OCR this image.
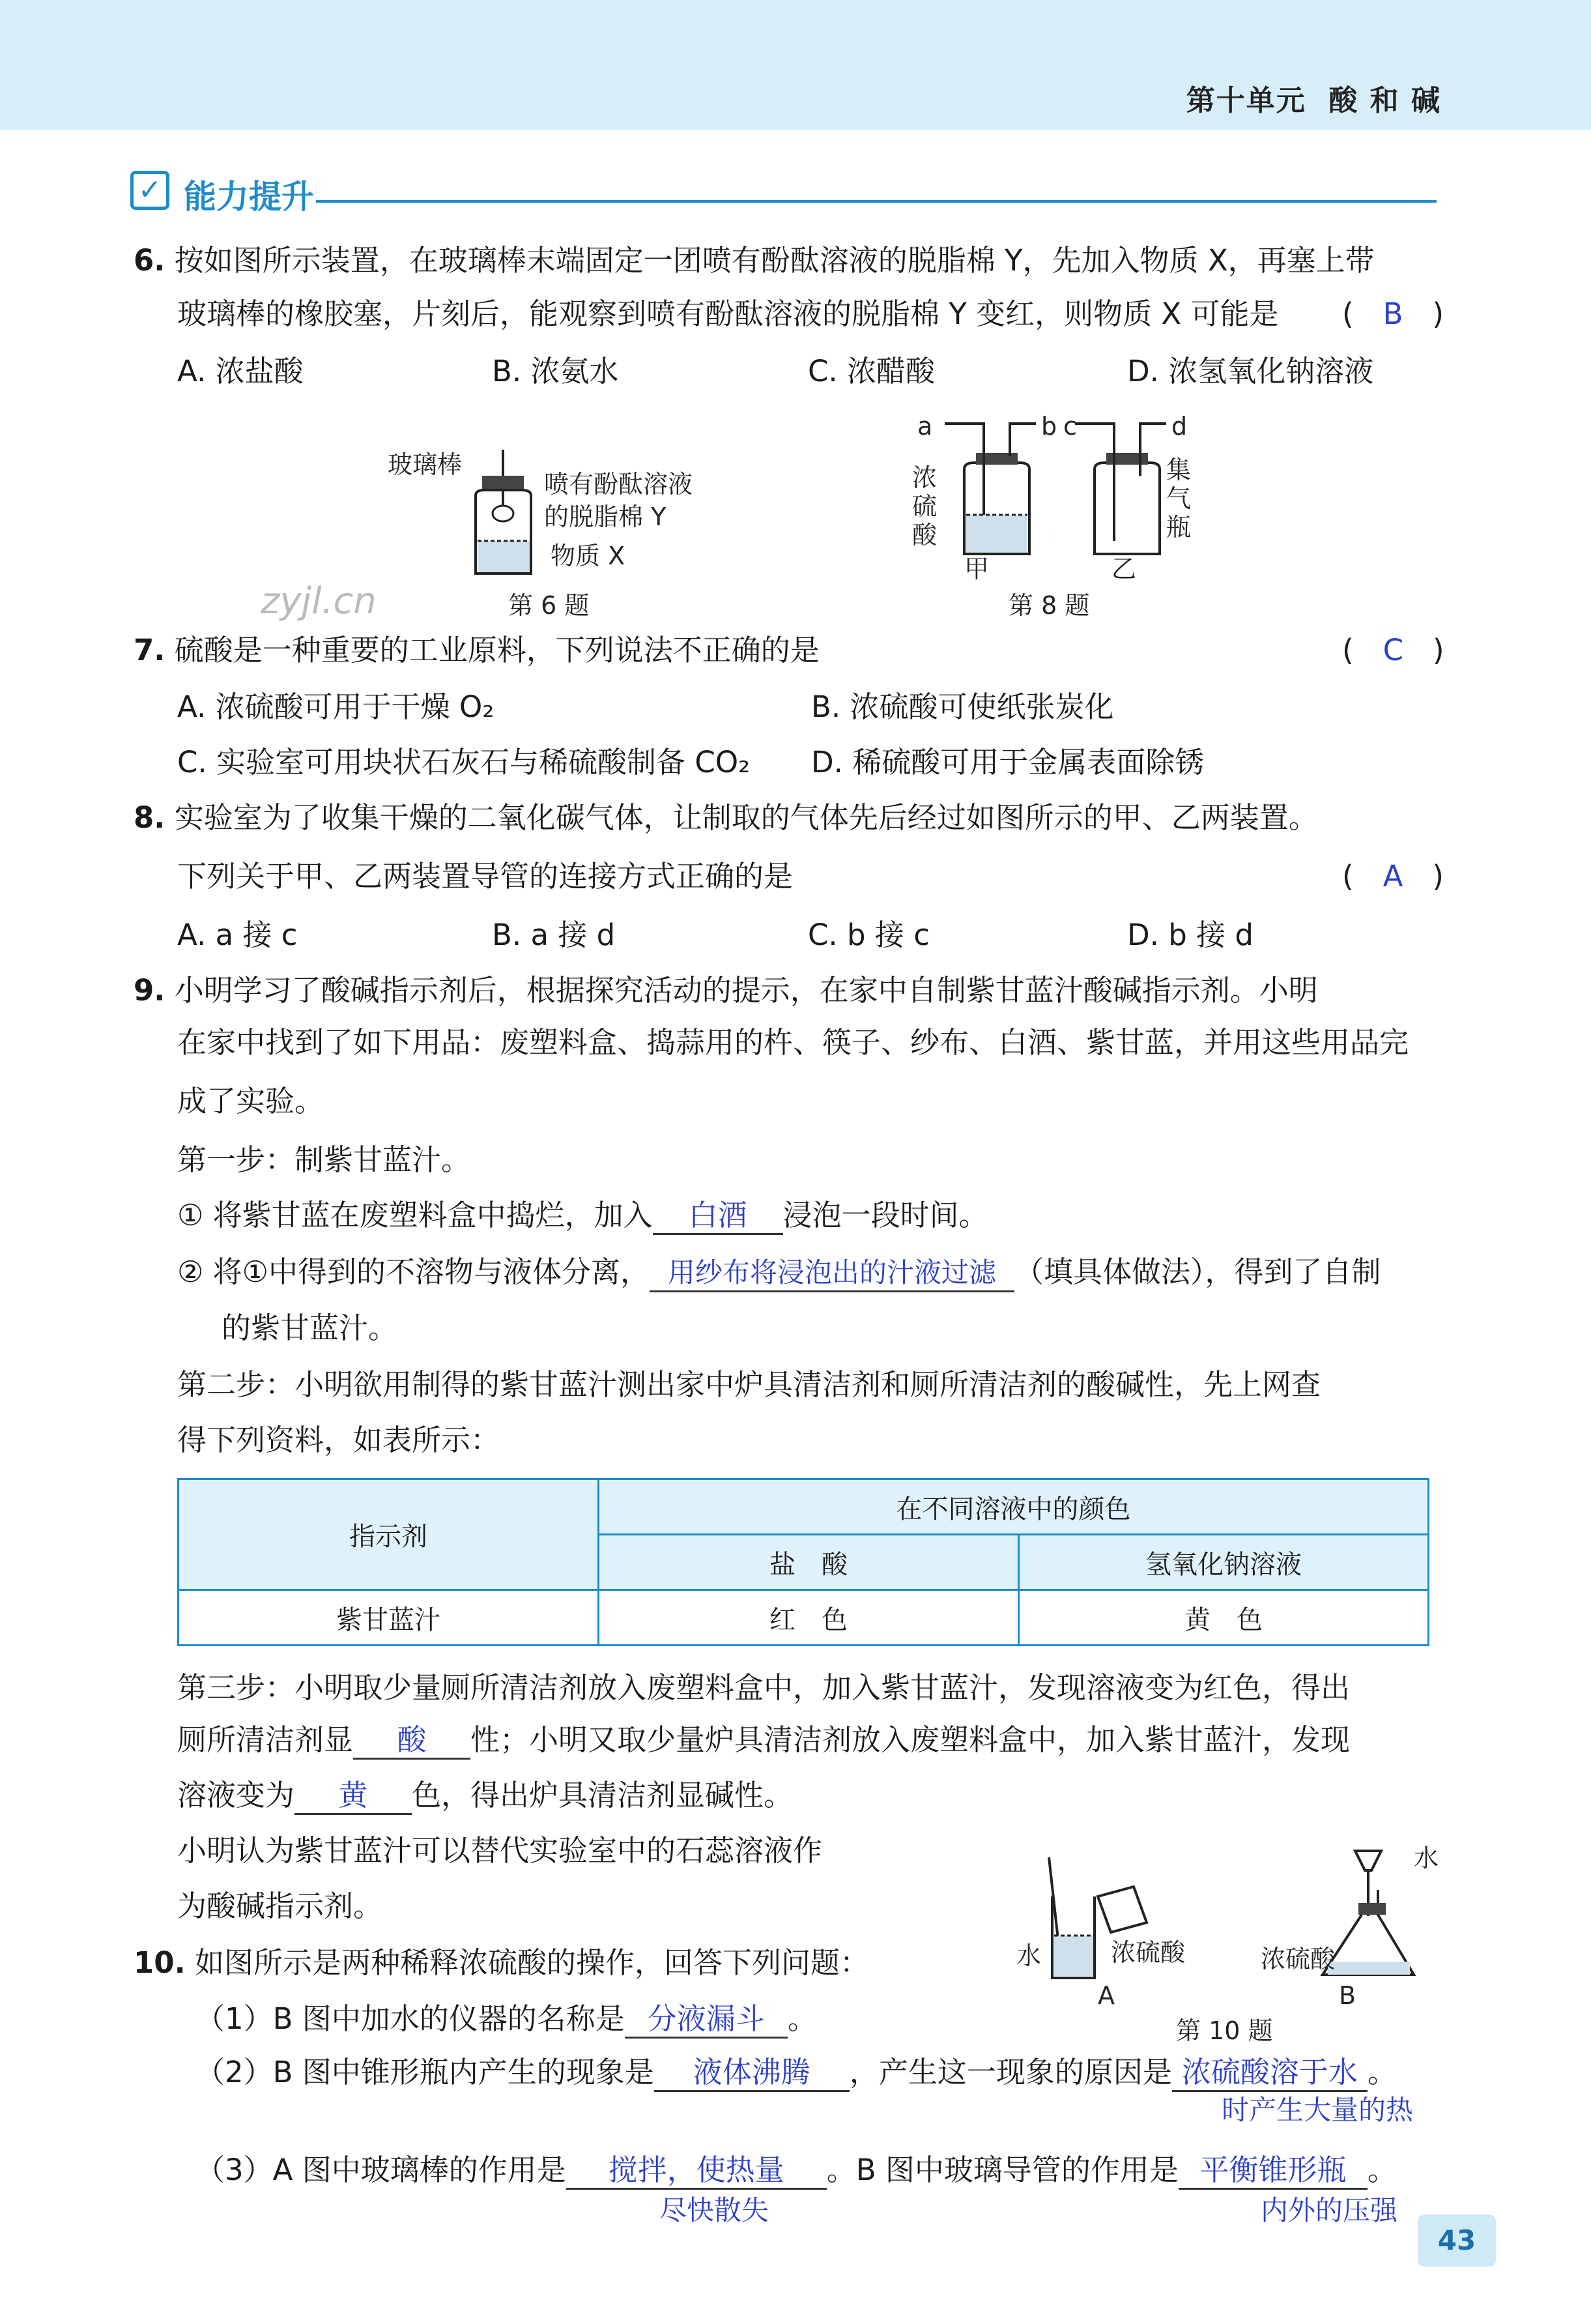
第十单元 酸 和 碱
✓ 能力提升
6. 按如图所示装置，在玻璃棒末端固定一团喷有酚酞溶液的脱脂棉 Y，先加入物质 X，再塞上带
玻璃棒的橡胶塞，片刻后，能观察到喷有酚酞溶液的脱脂棉 Y 变红，则物质 X 可能是 (　B　)
A. 浓盐酸	B. 浓氨水	C. 浓醋酸	D. 浓氢氧化钠溶液
玻璃棒
喷有酚酞溶液
的脱脂棉 Y
物质 X
第 6 题
a	b c	d
浓
硫
酸
集
气
瓶
甲	乙
第 8 题
zyjl.cn
7. 硫酸是一种重要的工业原料，下列说法不正确的是	(　C　)
A. 浓硫酸可用于干燥 O₂	B. 浓硫酸可使纸张炭化
C. 实验室可用块状石灰石与稀硫酸制备 CO₂ D. 稀硫酸可用于金属表面除锈
8. 实验室为了收集干燥的二氧化碳气体，让制取的气体先后经过如图所示的甲、乙两装置。
下列关于甲、乙两装置导管的连接方式正确的是	(　A　)
A. a 接 c	B. a 接 d	C. b 接 c	D. b 接 d
9. 小明学习了酸碱指示剂后，根据探究活动的提示，在家中自制紫甘蓝汁酸碱指示剂。小明
在家中找到了如下用品：废塑料盒、捣蒜用的杵、筷子、纱布、白酒、紫甘蓝，并用这些用品完
成了实验。
第一步：制紫甘蓝汁。
① 将紫甘蓝在废塑料盒中捣烂，加入 白酒 浸泡一段时间。
② 将①中得到的不溶物与液体分离， 用纱布将浸泡出的汁液过滤 （填具体做法），得到了自制
的紫甘蓝汁。
第二步：小明欲用制得的紫甘蓝汁测出家中炉具清洁剂和厕所清洁剂的酸碱性，先上网查
得下列资料，如表所示：
指示剂	在不同溶液中的颜色	
	盐　酸	氢氧化钠溶液
紫甘蓝汁	红　色	黄　色
第三步：小明取少量厕所清洁剂放入废塑料盒中，加入紫甘蓝汁，发现溶液变为红色，得出
厕所清洁剂显 酸 性；小明又取少量炉具清洁剂放入废塑料盒中，加入紫甘蓝汁，发现
溶液变为 黄 色，得出炉具清洁剂显碱性。
小明认为紫甘蓝汁可以替代实验室中的石蕊溶液作
为酸碱指示剂。
水
水	浓硫酸	浓硫酸
A	B
第 10 题
10. 如图所示是两种稀释浓硫酸的操作，回答下列问题：
（1）B 图中加水的仪器的名称是 分液漏斗 。
（2）B 图中锥形瓶内产生的现象是 液体沸腾 ，产生这一现象的原因是 浓硫酸溶于水 。
时产生大量的热
（3）A 图中玻璃棒的作用是 搅拌，使热量 。B 图中玻璃导管的作用是 平衡锥形瓶 。
尽快散失	内外的压强
43
